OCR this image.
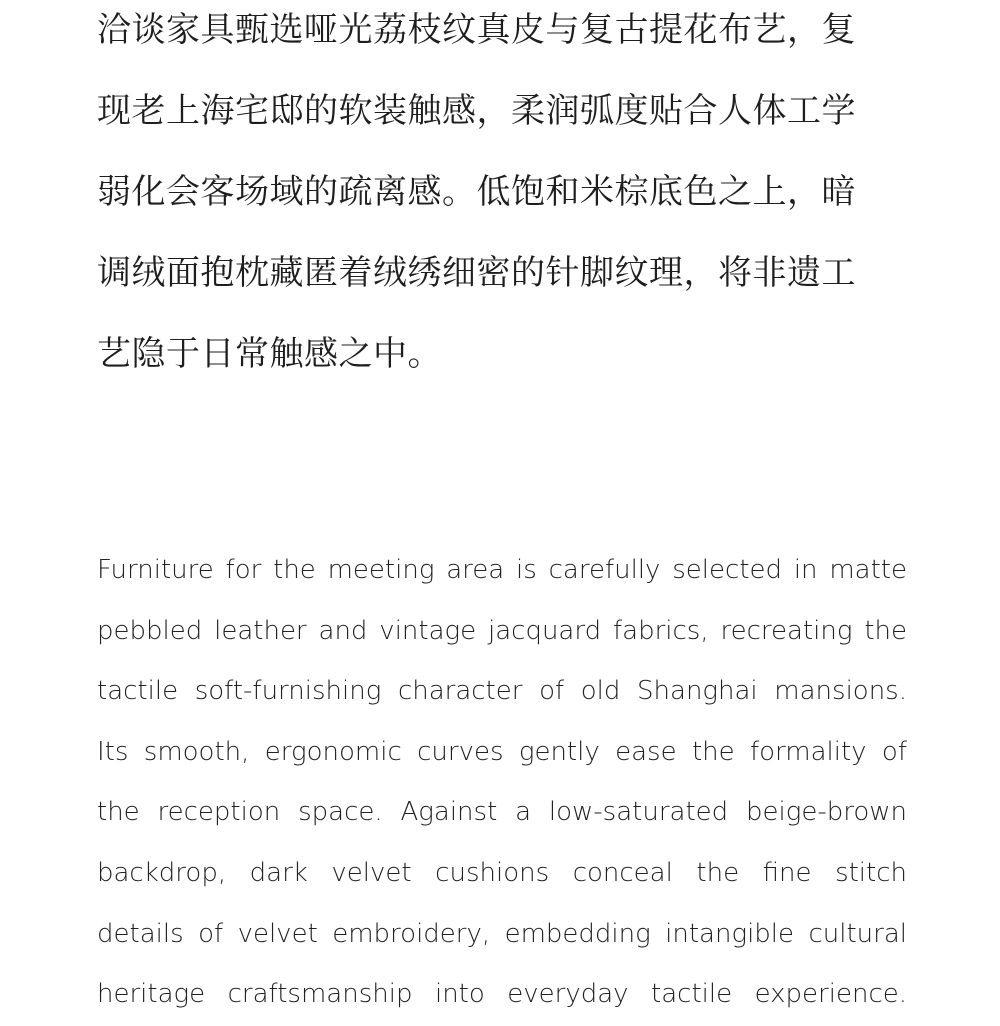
洽谈家具甄选哑光荔枝纹真皮与复古提花布艺，复
现老上海宅邸的软装触感，柔润弧度贴合人体工学
弱化会客场域的疏离感。低饱和米棕底色之上，暗
调绒面抱枕藏匿着绒绣细密的针脚纹理，将非遗工
艺隐于日常触感之中。
Furniture for the meeting area is carefully selected in matte
pebbled leather and vintage jacquard fabrics, recreating the
tactile soft-furnishing character of old Shanghai mansions.
Its smooth, ergonomic curves gently ease the formality of
the reception space. Against a low-saturated beige-brown
backdrop, dark velvet cushions conceal the fine stitch
details of velvet embroidery, embedding intangible cultural
heritage craftsmanship into everyday tactile experience.
